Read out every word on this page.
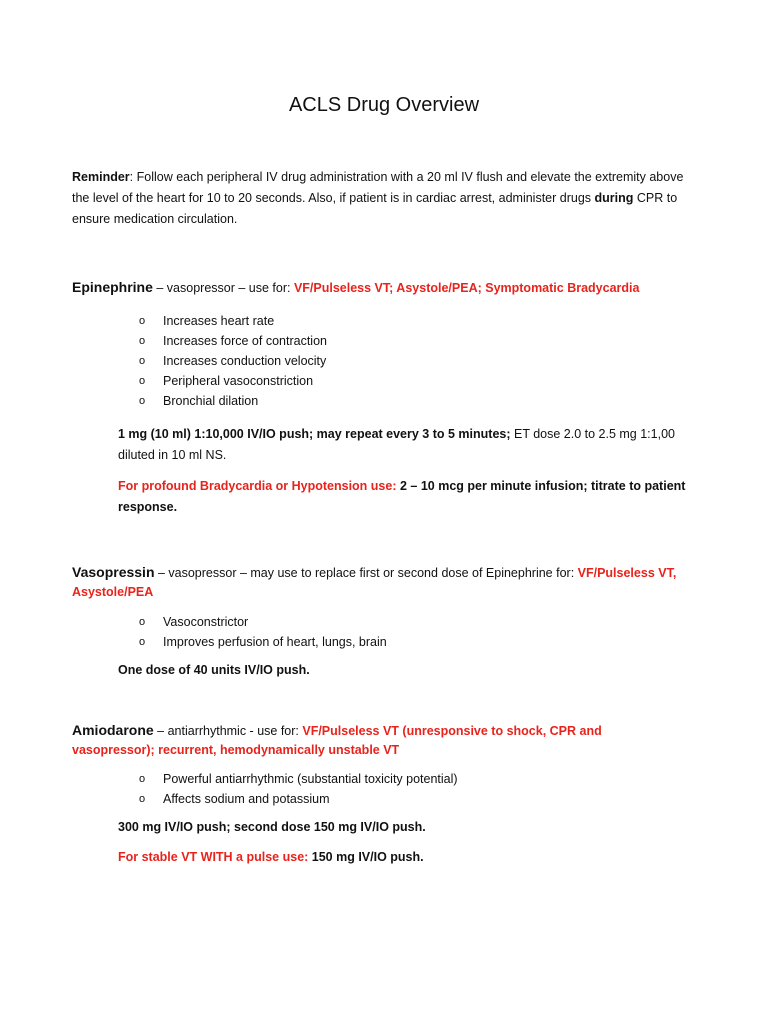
ACLS Drug Overview

Reminder: Follow each peripheral IV drug administration with a 20 ml IV flush and elevate the extremity above the level of the heart for 10 to 20 seconds. Also, if patient is in cardiac arrest, administer drugs during CPR to ensure medication circulation.

Epinephrine – vasopressor – use for: VF/Pulseless VT; Asystole/PEA; Symptomatic Bradycardia

o Increases heart rate
o Increases force of contraction
o Increases conduction velocity
o Peripheral vasoconstriction
o Bronchial dilation

1 mg (10 ml) 1:10,000 IV/IO push; may repeat every 3 to 5 minutes; ET dose 2.0 to 2.5 mg 1:1,00 diluted in 10 ml NS.

For profound Bradycardia or Hypotension use: 2 – 10 mcg per minute infusion; titrate to patient response.

Vasopressin – vasopressor – may use to replace first or second dose of Epinephrine for: VF/Pulseless VT, Asystole/PEA

o Vasoconstrictor
o Improves perfusion of heart, lungs, brain

One dose of 40 units IV/IO push.

Amiodarone – antiarrhythmic - use for: VF/Pulseless VT (unresponsive to shock, CPR and vasopressor); recurrent, hemodynamically unstable VT

o Powerful antiarrhythmic (substantial toxicity potential)
o Affects sodium and potassium

300 mg IV/IO push; second dose 150 mg IV/IO push.

For stable VT WITH a pulse use: 150 mg IV/IO push.
